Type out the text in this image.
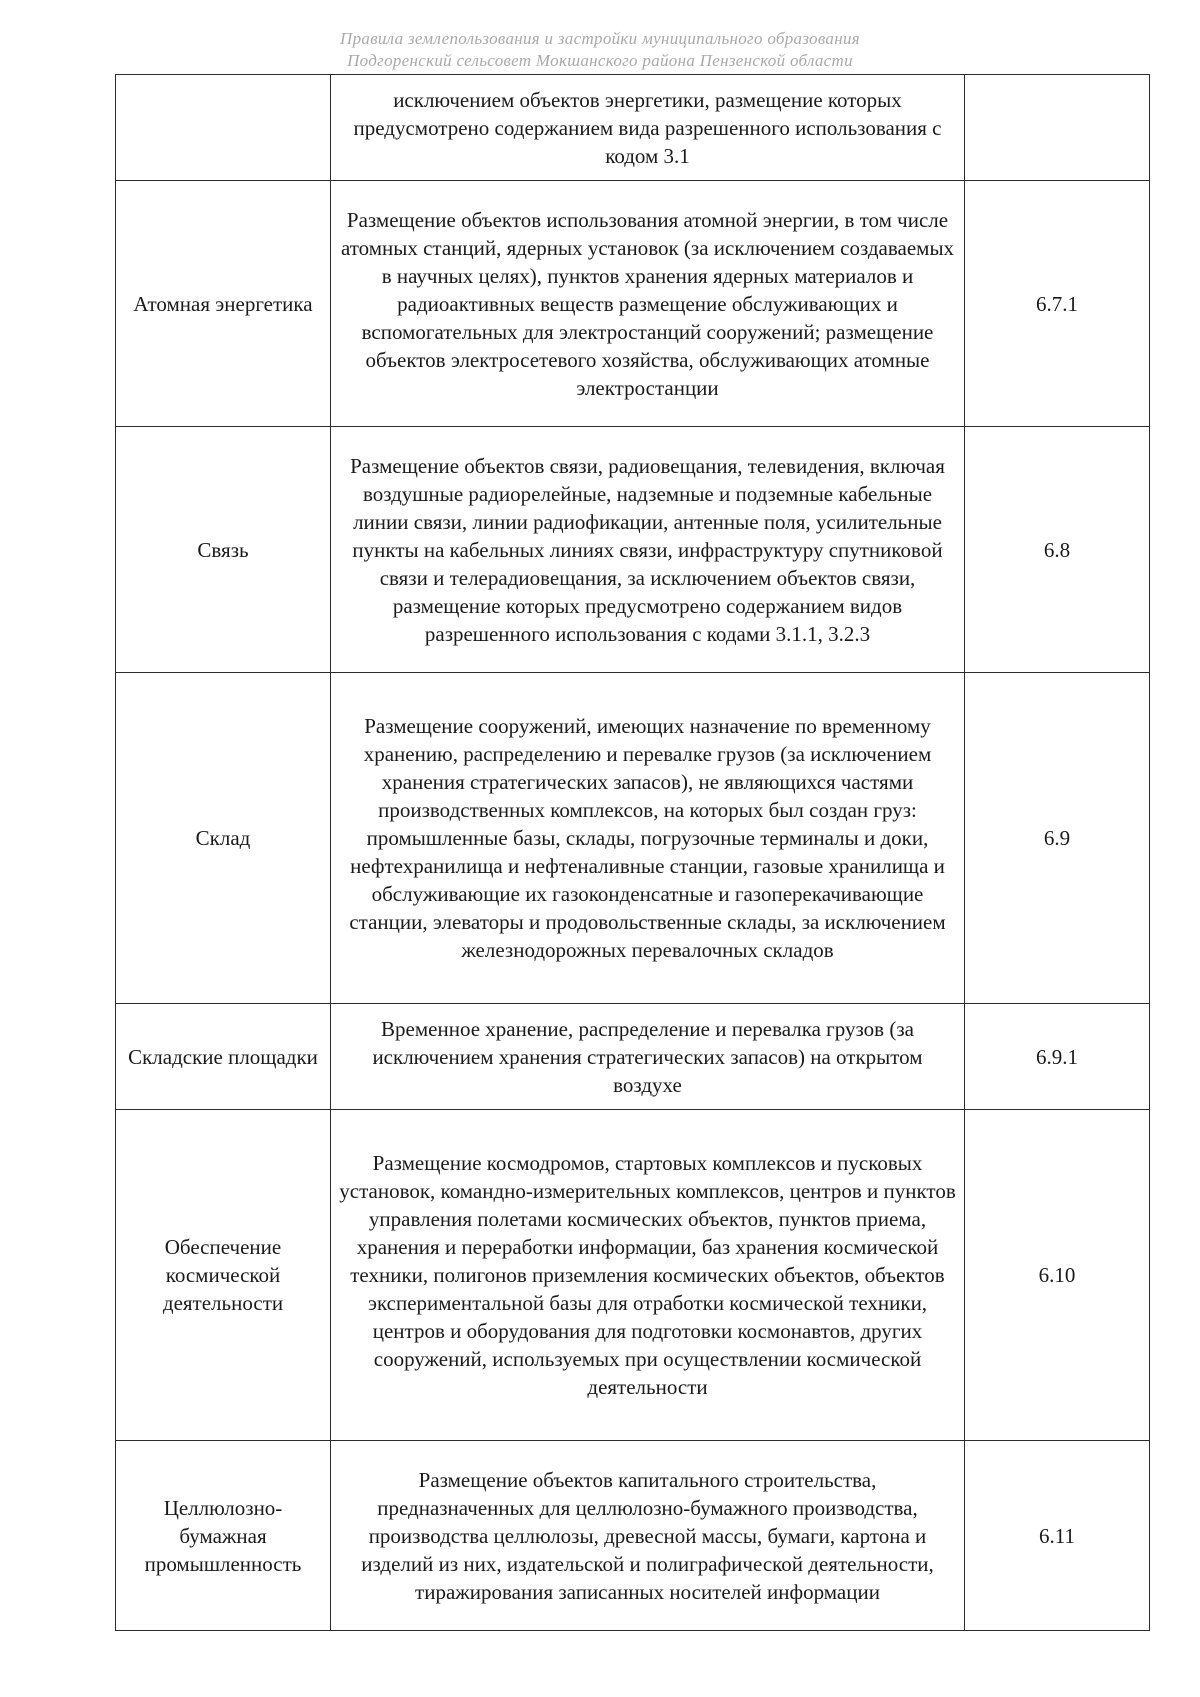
Правила землепользования и застройки муниципального образования
Подгоренский сельсовет Мокшанского района Пензенской области
	исключением объектов энергетики, размещение которых предусмотрено содержанием вида разрешенного использования с кодом 3.1	
Атомная энергетика	Размещение объектов использования атомной энергии, в том числе атомных станций, ядерных установок (за исключением создаваемых в научных целях), пунктов хранения ядерных материалов и радиоактивных веществ размещение обслуживающих и вспомогательных для электростанций сооружений; размещение объектов электросетевого хозяйства, обслуживающих атомные электростанции	6.7.1
Связь	Размещение объектов связи, радиовещания, телевидения, включая воздушные радиорелейные, надземные и подземные кабельные линии связи, линии радиофикации, антенные поля, усилительные пункты на кабельных линиях связи, инфраструктуру спутниковой связи и телерадиовещания, за исключением объектов связи, размещение которых предусмотрено содержанием видов разрешенного использования с кодами 3.1.1, 3.2.3	6.8
Склад	Размещение сооружений, имеющих назначение по временному хранению, распределению и перевалке грузов (за исключением хранения стратегических запасов), не являющихся частями производственных комплексов, на которых был создан груз: промышленные базы, склады, погрузочные терминалы и доки, нефтехранилища и нефтеналивные станции, газовые хранилища и обслуживающие их газоконденсатные и газоперекачивающие станции, элеваторы и продовольственные склады, за исключением железнодорожных перевалочных складов	6.9
Складские площадки	Временное хранение, распределение и перевалка грузов (за исключением хранения стратегических запасов) на открытом воздухе	6.9.1
Обеспечение космической деятельности	Размещение космодромов, стартовых комплексов и пусковых установок, командно-измерительных комплексов, центров и пунктов управления полетами космических объектов, пунктов приема, хранения и переработки информации, баз хранения космической техники, полигонов приземления космических объектов, объектов экспериментальной базы для отработки космической техники, центров и оборудования для подготовки космонавтов, других сооружений, используемых при осуществлении космической деятельности	6.10
Целлюлозно-бумажная промышленность	Размещение объектов капитального строительства, предназначенных для целлюлозно-бумажного производства, производства целлюлозы, древесной массы, бумаги, картона и изделий из них, издательской и полиграфической деятельности, тиражирования записанных носителей информации	6.11
